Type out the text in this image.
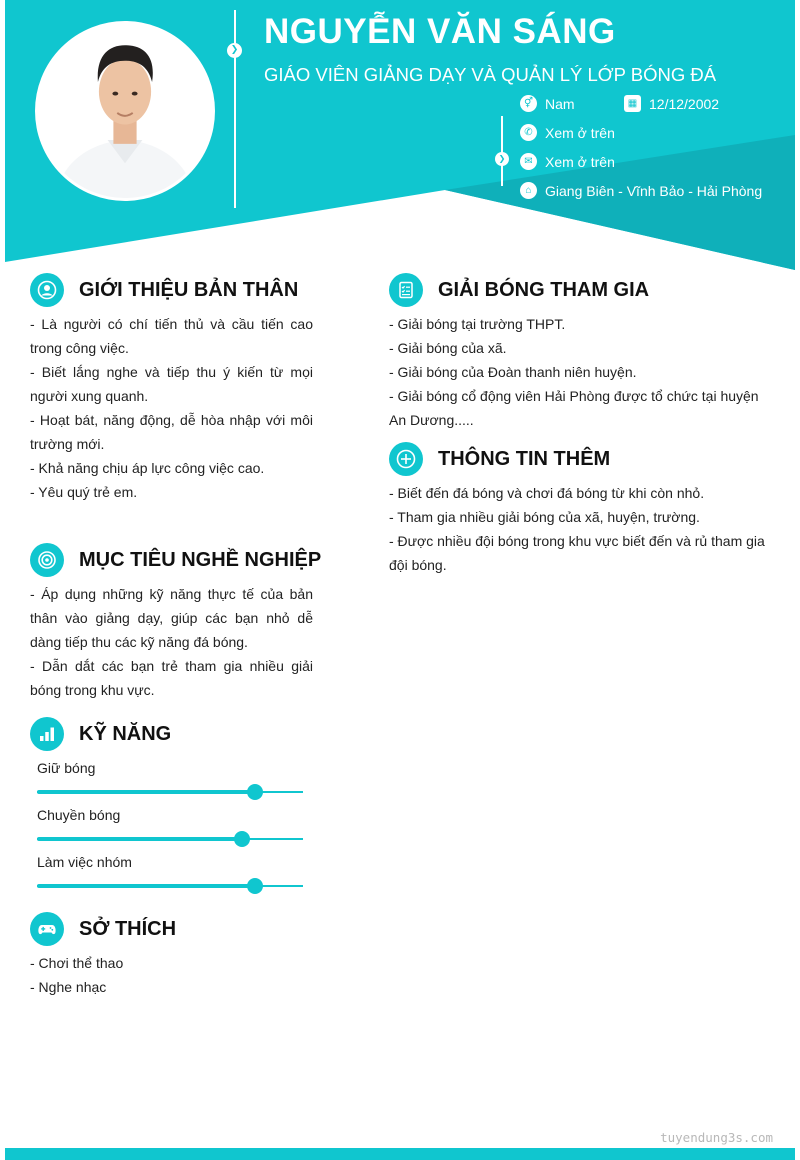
❯ NGUYỄN VĂN SÁNG
GIÁO VIÊN GIẢNG DẠY VÀ QUẢN LÝ LỚP BÓNG ĐÁ
❯
⚥ Nam	▦ 12/12/2002
✆ Xem ở trên
✉ Xem ở trên
⌂ Giang Biên - Vĩnh Bảo - Hải Phòng
GIỚI THIỆU BẢN THÂN

- Là người có chí tiến thủ và cầu tiến cao trong công việc.

- Biết lắng nghe và tiếp thu ý kiến từ mọi người xung quanh.

- Hoạt bát, năng động, dễ hòa nhập với môi trường mới.

- Khả năng chịu áp lực công việc cao.

- Yêu quý trẻ em.

MỤC TIÊU NGHỀ NGHIỆP

- Áp dụng những kỹ năng thực tế của bản thân vào giảng dạy, giúp các bạn nhỏ dễ dàng tiếp thu các kỹ năng đá bóng.

- Dẫn dắt các bạn trẻ tham gia nhiều giải bóng trong khu vực.

KỸ NĂNG
Giữ bóng
Chuyền bóng
Làm việc nhóm
SỞ THÍCH

- Chơi thể thao

- Nghe nhạc

GIẢI BÓNG THAM GIA

- Giải bóng tại trường THPT.

- Giải bóng của xã.

- Giải bóng của Đoàn thanh niên huyện.

- Giải bóng cổ động viên Hải Phòng được tổ chức tại huyện An Dương.....

THÔNG TIN THÊM

- Biết đến đá bóng và chơi đá bóng từ khi còn nhỏ.

- Tham gia nhiều giải bóng của xã, huyện, trường.

- Được nhiều đội bóng trong khu vực biết đến và rủ tham gia đội bóng.

tuyendung3s.com
